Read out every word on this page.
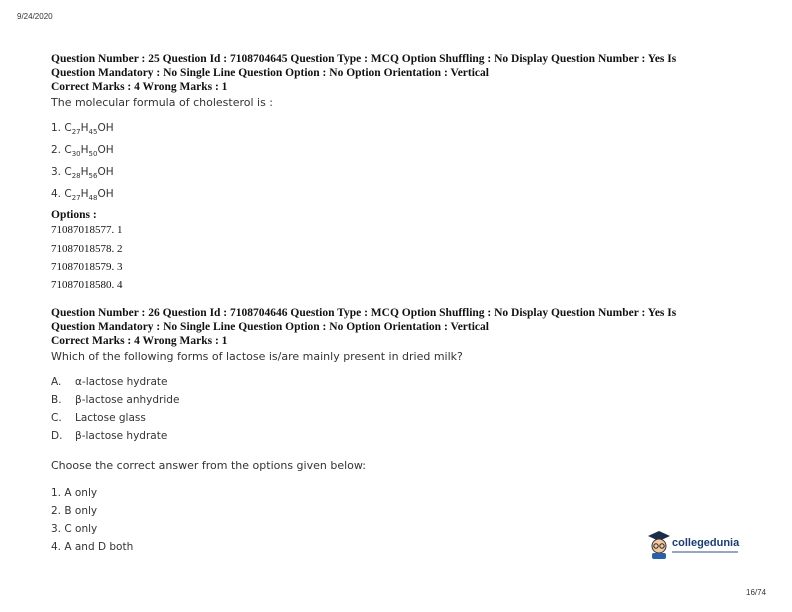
9/24/2020
Question Number : 25 Question Id : 7108704645 Question Type : MCQ Option Shuffling : No Display Question Number : Yes Is
Question Mandatory : No Single Line Question Option : No Option Orientation : Vertical
Correct Marks : 4 Wrong Marks : 1
The molecular formula of cholesterol is :
1. $C_{27}H_{45}OH$
2. $C_{30}H_{50}OH$
3. $C_{28}H_{56}OH$
4. $C_{27}H_{48}OH$
Options :
71087018577. 1
71087018578. 2
71087018579. 3
71087018580. 4
Question Number : 26 Question Id : 7108704646 Question Type : MCQ Option Shuffling : No Display Question Number : Yes Is
Question Mandatory : No Single Line Question Option : No Option Orientation : Vertical
Correct Marks : 4 Wrong Marks : 1
Which of the following forms of lactose is/are mainly present in dried milk?
A.	α-lactose hydrate
B.	β-lactose anhydride
C.	Lactose glass
D.	β-lactose hydrate
Choose the correct answer from the options given below:
1. A only
2. B only
3. C only
4. A and D both	collegedunia
16/74
